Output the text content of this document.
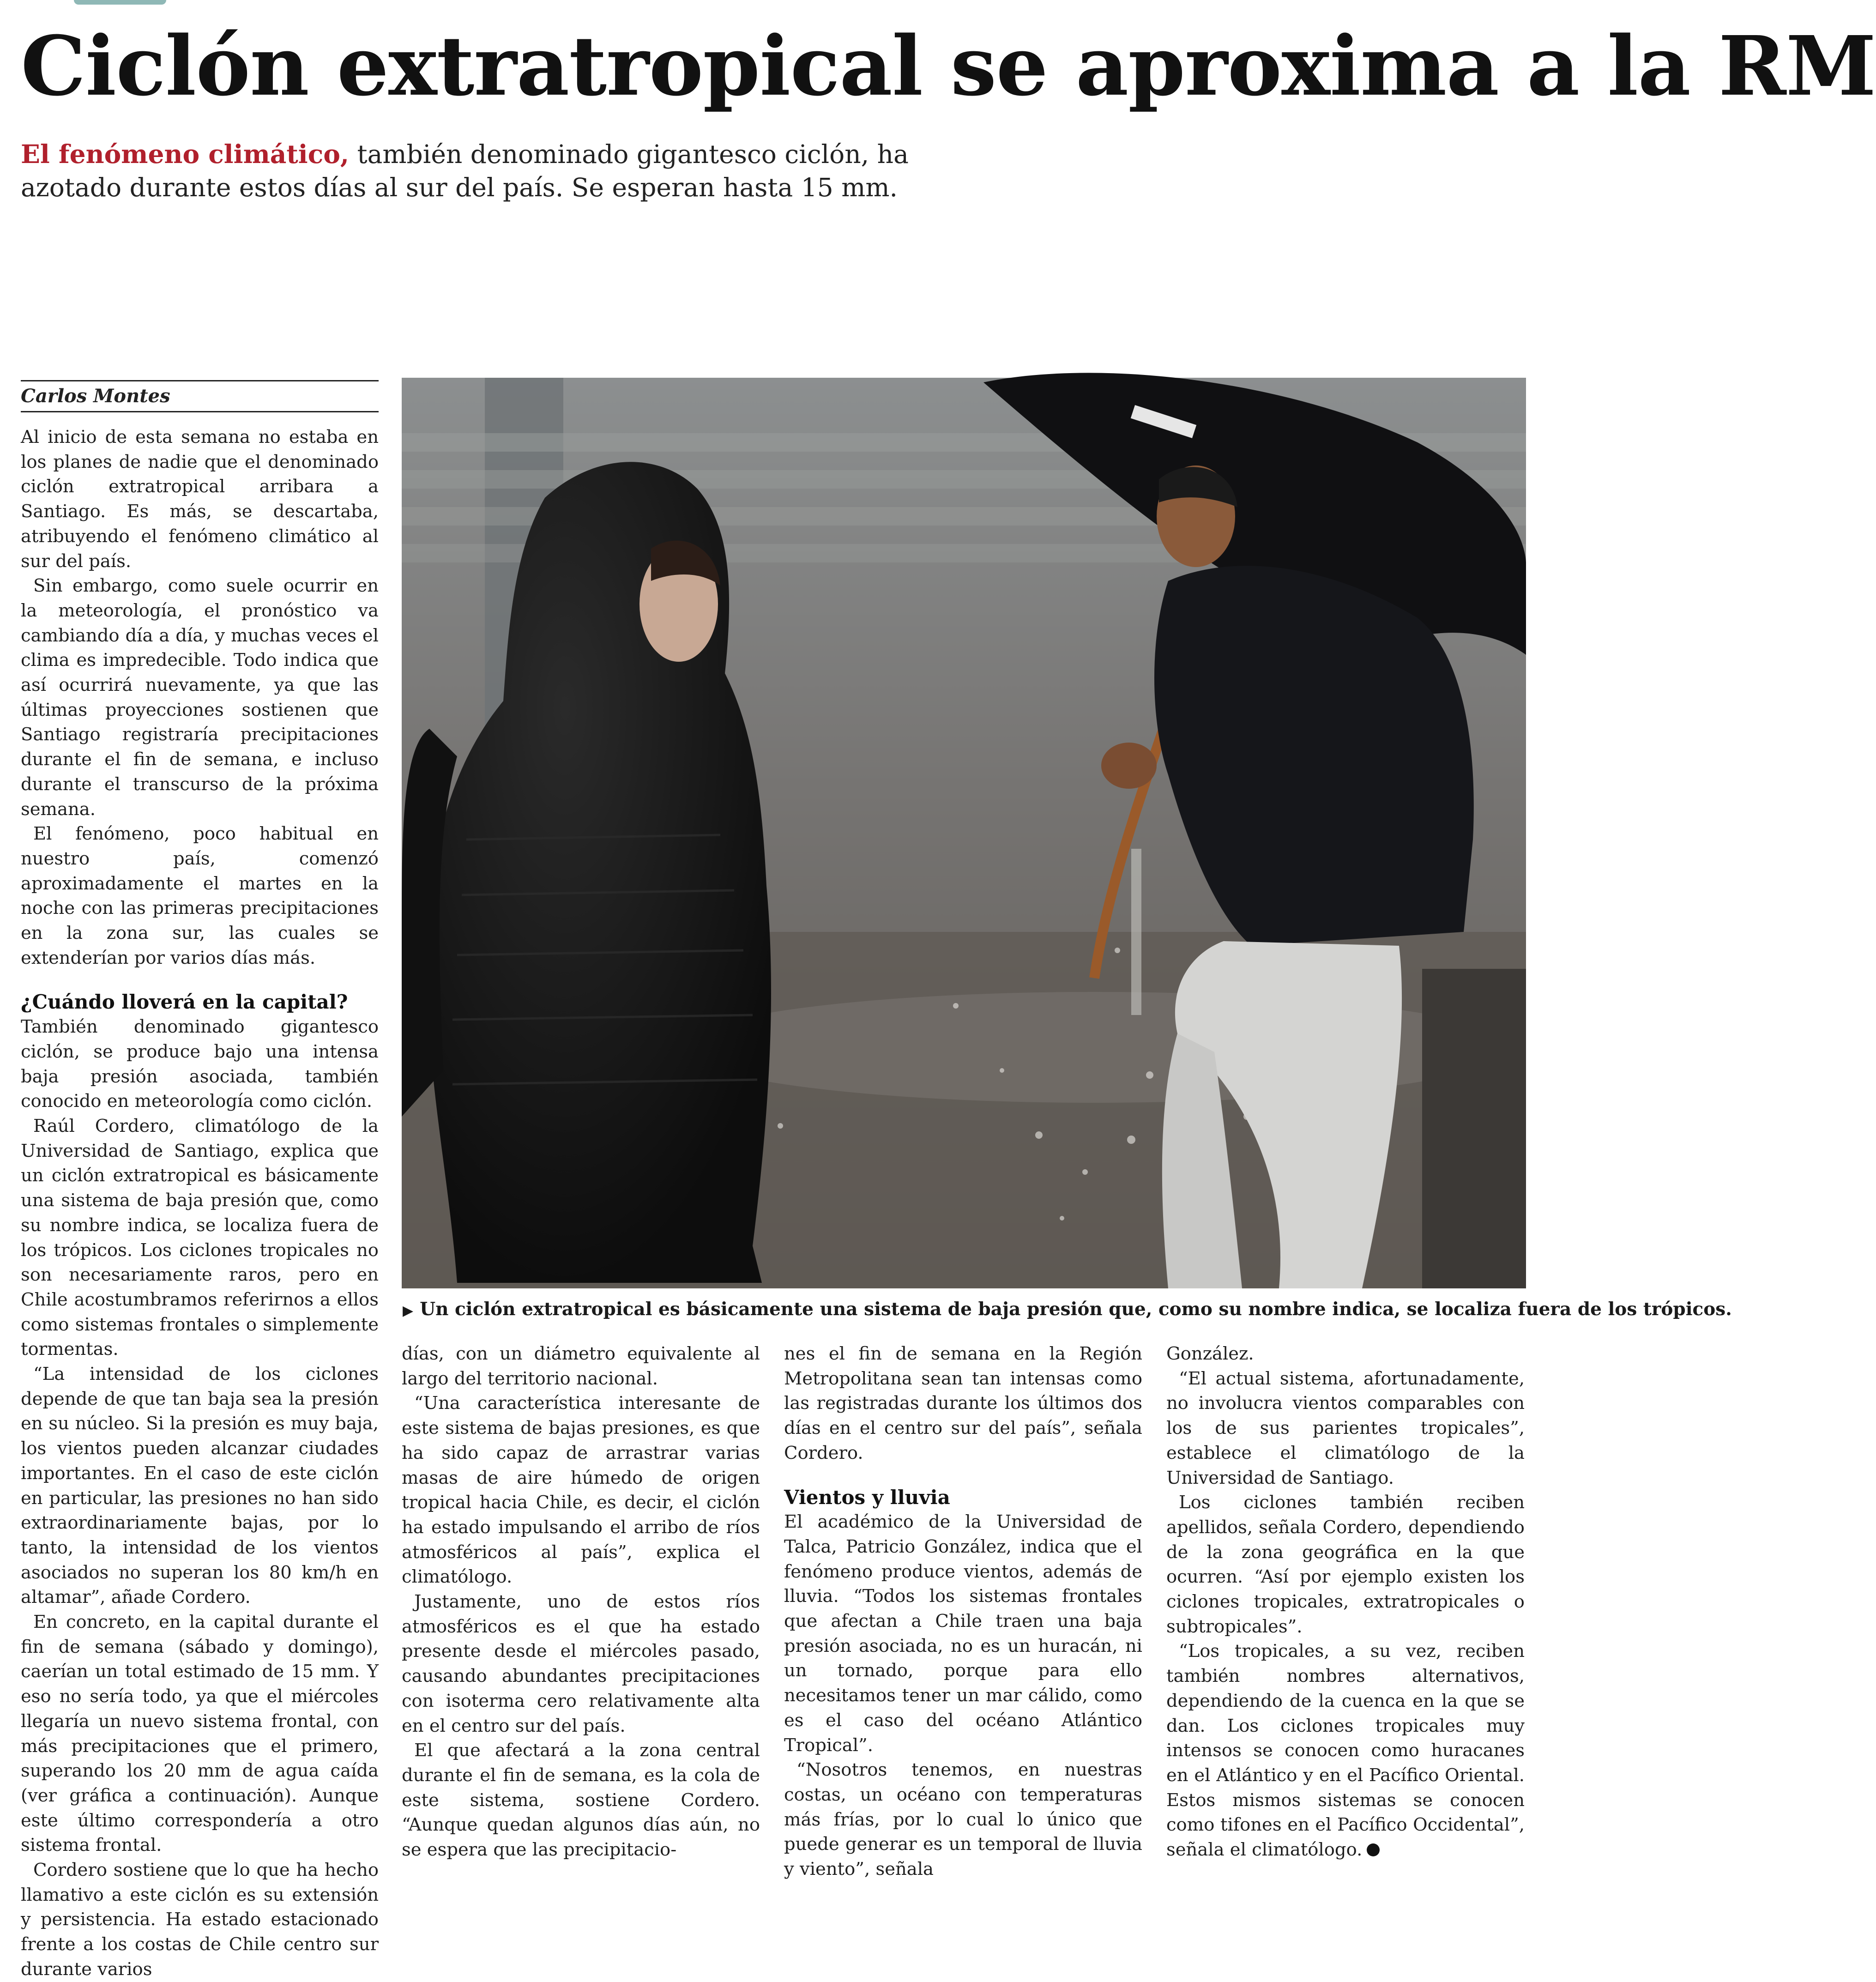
Ciclón extratropical se aproxima a la RM

El fenómeno climático, también denominado gigantesco ciclón, ha azotado durante estos días al sur del país. Se esperan hasta 15 mm.

Carlos Montes

Al inicio de esta semana no estaba en los planes de nadie que el denominado ciclón extratropical arribara a Santiago. Es más, se descartaba, atribuyendo el fenómeno climático al sur del país.

Sin embargo, como suele ocurrir en la meteorología, el pronóstico va cambiando día a día, y muchas veces el clima es impredecible. Todo indica que así ocurrirá nuevamente, ya que las últimas proyecciones sostienen que Santiago registraría precipitaciones durante el fin de semana, e incluso durante el transcurso de la próxima semana.

El fenómeno, poco habitual en nuestro país, comenzó aproximadamente el martes en la noche con las primeras precipitaciones en la zona sur, las cuales se extenderían por varios días más.

¿Cuándo lloverá en la capital?

También denominado gigantesco ciclón, se produce bajo una intensa baja presión asociada, también conocido en meteorología como ciclón.

Raúl Cordero, climatólogo de la Universidad de Santiago, explica que un ciclón extratropical es básicamente una sistema de baja presión que, como su nombre indica, se localiza fuera de los trópicos. Los ciclones tropicales no son necesariamente raros, pero en Chile acostumbramos referirnos a ellos como sistemas frontales o simplemente tormentas.

“La intensidad de los ciclones depende de que tan baja sea la presión en su núcleo. Si la presión es muy baja, los vientos pueden alcanzar ciudades importantes. En el caso de este ciclón en particular, las presiones no han sido extraordinariamente bajas, por lo tanto, la intensidad de los vientos asociados no superan los 80 km/h en altamar”, añade Cordero.

En concreto, en la capital durante el fin de semana (sábado y domingo), caerían un total estimado de 15 mm. Y eso no sería todo, ya que el miércoles llegaría un nuevo sistema frontal, con más precipitaciones que el primero, superando los 20 mm de agua caída (ver gráfica a continuación). Aunque este último correspondería a otro sistema frontal.

Cordero sostiene que lo que ha hecho llamativo a este ciclón es su extensión y persistencia. Ha estado estacionado frente a los costas de Chile centro sur durante varios

▶ Un ciclón extratropical es básicamente una sistema de baja presión que, como su nombre indica, se localiza fuera de los trópicos.

días, con un diámetro equivalente al largo del territorio nacional.

“Una característica interesante de este sistema de bajas presiones, es que ha sido capaz de arrastrar varias masas de aire húmedo de origen tropical hacia Chile, es decir, el ciclón ha estado impulsando el arribo de ríos atmosféricos al país”, explica el climatólogo.

Justamente, uno de estos ríos atmosféricos es el que ha estado presente desde el miércoles pasado, causando abundantes precipitaciones con isoterma cero relativamente alta en el centro sur del país.

El que afectará a la zona central durante el fin de semana, es la cola de este sistema, sostiene Cordero. “Aunque quedan algunos días aún, no se espera que las precipitacio-

nes el fin de semana en la Región Metropolitana sean tan intensas como las registradas durante los últimos dos días en el centro sur del país”, señala Cordero.

Vientos y lluvia

El académico de la Universidad de Talca, Patricio González, indica que el fenómeno produce vientos, además de lluvia. “Todos los sistemas frontales que afectan a Chile traen una baja presión asociada, no es un huracán, ni un tornado, porque para ello necesitamos tener un mar cálido, como es el caso del océano Atlántico Tropical”.

“Nosotros tenemos, en nuestras costas, un océano con temperaturas más frías, por lo cual lo único que puede generar es un temporal de lluvia y viento”, señala

González.

“El actual sistema, afortunadamente, no involucra vientos comparables con los de sus parientes tropicales”, establece el climatólogo de la Universidad de Santiago.

Los ciclones también reciben apellidos, señala Cordero, dependiendo de la zona geográfica en la que ocurren. “Así por ejemplo existen los ciclones tropicales, extratropicales o subtropicales”.

“Los tropicales, a su vez, reciben también nombres alternativos, dependiendo de la cuenca en la que se dan. Los ciclones tropicales muy intensos se conocen como huracanes en el Atlántico y en el Pacífico Oriental. Estos mismos sistemas se conocen como tifones en el Pacífico Occidental”, señala el climatólogo.
